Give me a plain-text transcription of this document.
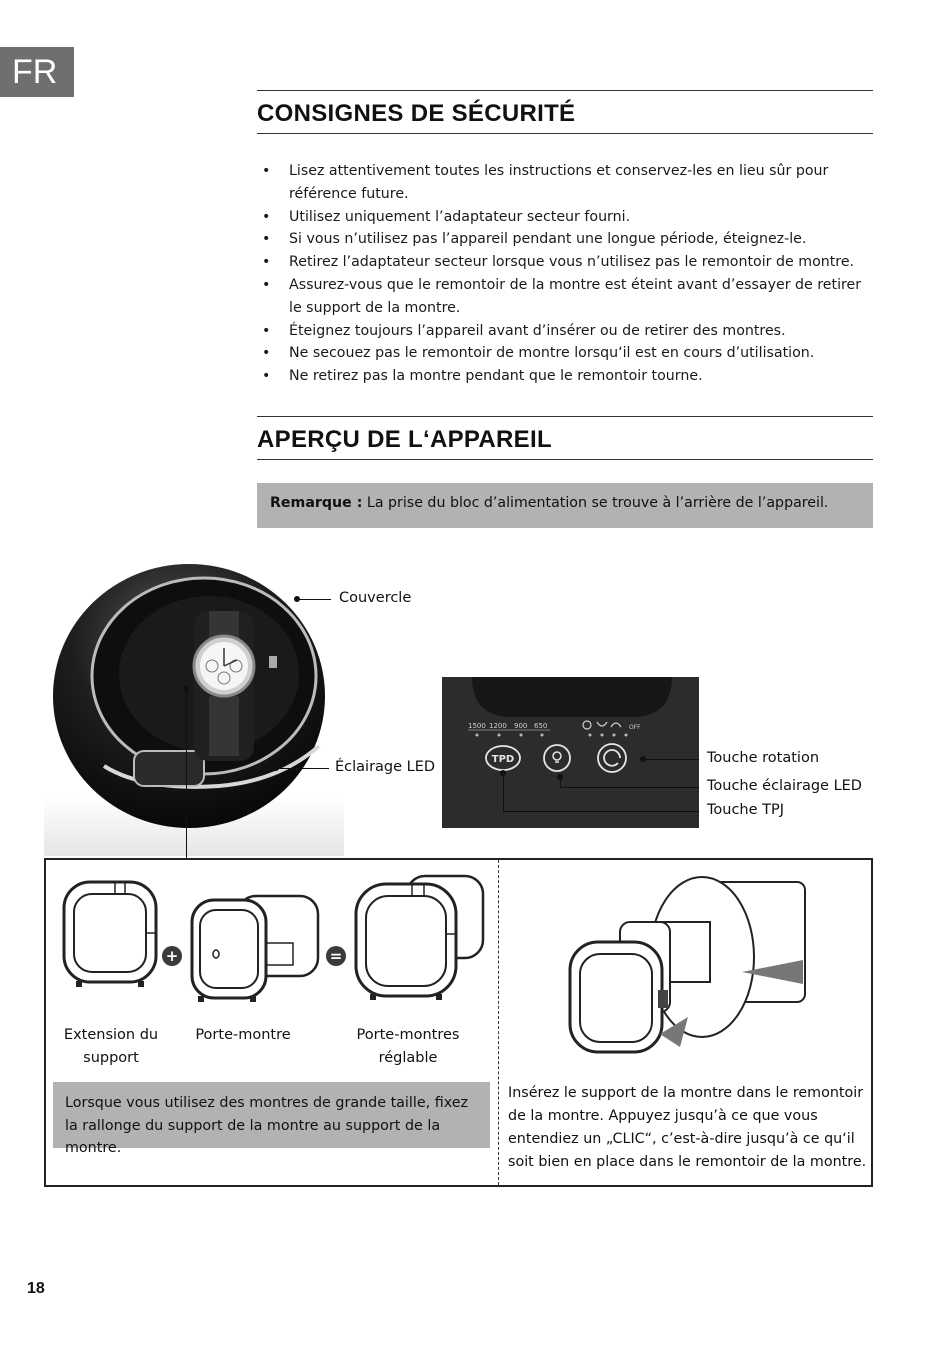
FR
CONSIGNES DE SÉCURITÉ
• Lisez attentivement toutes les instructions et conservez-les en lieu sûr pour référence future.
• Utilisez uniquement l’adaptateur secteur fourni.
• Si vous n’utilisez pas l’appareil pendant une longue période, éteignez-le.
• Retirez l’adaptateur secteur lorsque vous n’utilisez pas le remontoir de montre.
• Assurez-vous que le remontoir de la montre est éteint avant d’essayer de retirer le support de la montre.
• Éteignez toujours l’appareil avant d’insérer ou de retirer des montres.
• Ne secouez pas le remontoir de montre lorsqu‘il est en cours d’utilisation.
• Ne retirez pas la montre pendant que le remontoir tourne.
APERÇU DE L‘APPAREIL
Remarque : La prise du bloc d’alimentation se trouve à l’arrière de l’appareil.
Couvercle
Éclairage LED
1500 1200 900 650	OFF
TPD	Touche rotation
Touche éclairage LED
Touche TPJ
+	=
Extension du support
Porte-montre	Porte-montres réglable
Lorsque vous utilisez des montres de grande taille, fixez la rallonge du support de la montre au support de la montre.
Insérez le support de la montre dans le remontoir de la montre. Appuyez jusqu’à ce que vous entendiez un „CLIC“, c’est-à-dire jusqu’à ce qu‘il soit bien en place dans le remontoir de la montre.
18
